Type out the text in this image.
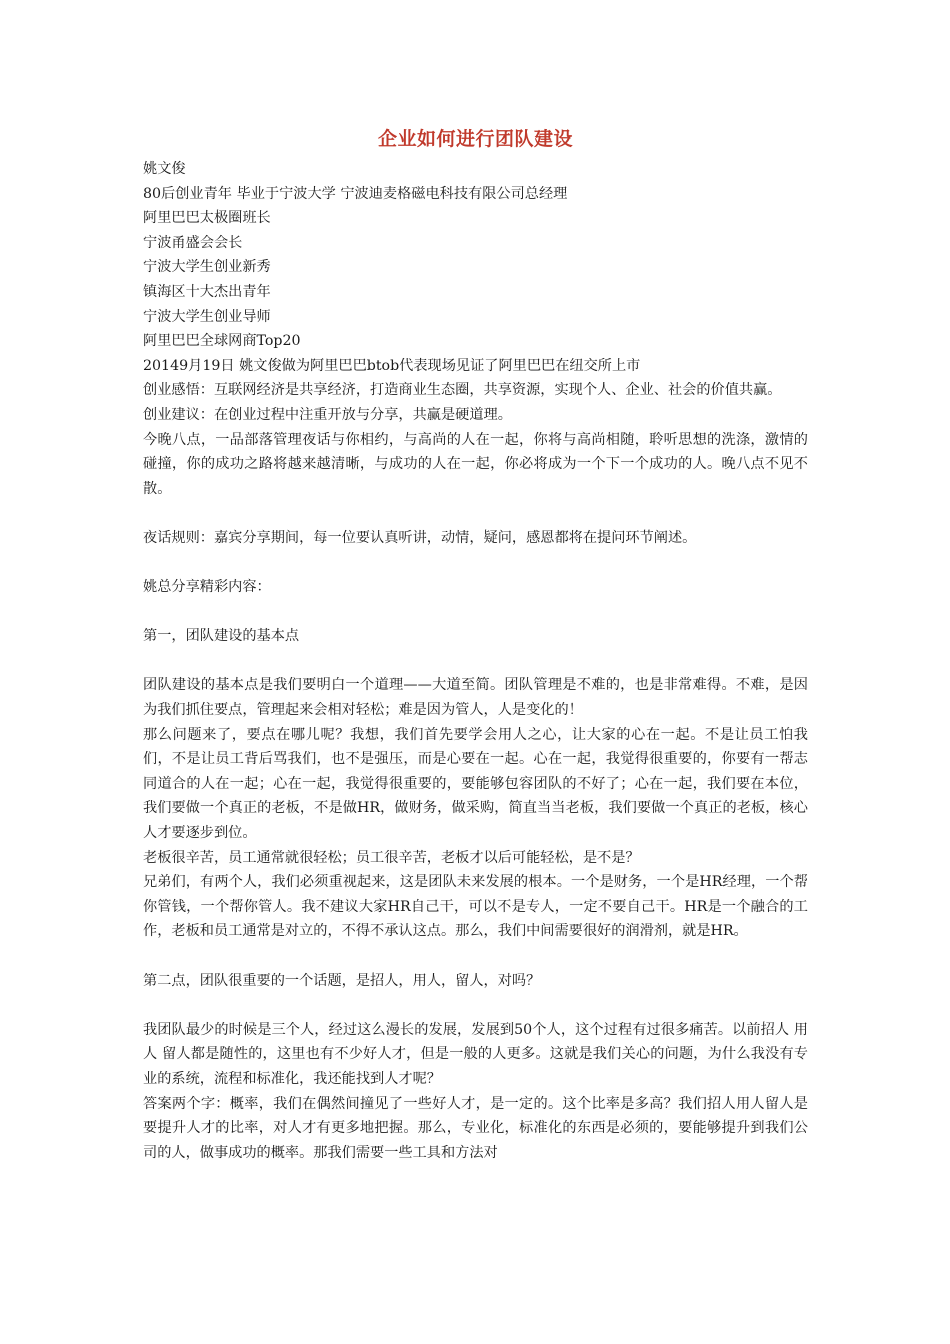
企业如何进行团队建设
姚文俊
80后创业青年 毕业于宁波大学 宁波迪麦格磁电科技有限公司总经理
阿里巴巴太极圈班长
宁波甬盛会会长
宁波大学生创业新秀
镇海区十大杰出青年
宁波大学生创业导师
阿里巴巴全球网商Top20
20149月19日 姚文俊做为阿里巴巴btob代表现场见证了阿里巴巴在纽交所上市
创业感悟：互联网经济是共享经济，打造商业生态圈，共享资源，实现个人、企业、社会的价值共赢。
创业建议：在创业过程中注重开放与分享，共赢是硬道理。
今晚八点，一品部落管理夜话与你相约，与高尚的人在一起，你将与高尚相随，聆听思想的洗涤，激情的碰撞，你的成功之路将越来越清晰，与成功的人在一起，你必将成为一个下一个成功的人。晚八点不见不散。
夜话规则：嘉宾分享期间，每一位要认真听讲，动情，疑问，感恩都将在提问环节阐述。
姚总分享精彩内容：
第一，团队建设的基本点
团队建设的基本点是我们要明白一个道理——大道至简。团队管理是不难的，也是非常难得。不难，是因为我们抓住要点，管理起来会相对轻松；难是因为管人，人是变化的！
那么问题来了，要点在哪儿呢？我想，我们首先要学会用人之心，让大家的心在一起。不是让员工怕我们，不是让员工背后骂我们，也不是强压，而是心要在一起。心在一起，我觉得很重要的，你要有一帮志同道合的人在一起；心在一起，我觉得很重要的，要能够包容团队的不好了；心在一起，我们要在本位，我们要做一个真正的老板，不是做HR，做财务，做采购，简直当当老板，我们要做一个真正的老板，核心人才要逐步到位。
老板很辛苦，员工通常就很轻松；员工很辛苦，老板才以后可能轻松，是不是？
兄弟们，有两个人，我们必须重视起来，这是团队未来发展的根本。一个是财务，一个是HR经理，一个帮你管钱，一个帮你管人。我不建议大家HR自己干，可以不是专人，一定不要自己干。HR是一个融合的工作，老板和员工通常是对立的，不得不承认这点。那么，我们中间需要很好的润滑剂，就是HR。
第二点，团队很重要的一个话题，是招人，用人，留人，对吗？
我团队最少的时候是三个人，经过这么漫长的发展，发展到50个人，这个过程有过很多痛苦。以前招人 用人 留人都是随性的，这里也有不少好人才，但是一般的人更多。这就是我们关心的问题，为什么我没有专业的系统，流程和标准化，我还能找到人才呢？
答案两个字：概率，我们在偶然间撞见了一些好人才，是一定的。这个比率是多高？我们招人用人留人是要提升人才的比率，对人才有更多地把握。那么，专业化，标准化的东西是必须的，要能够提升到我们公司的人，做事成功的概率。那我们需要一些工具和方法对
